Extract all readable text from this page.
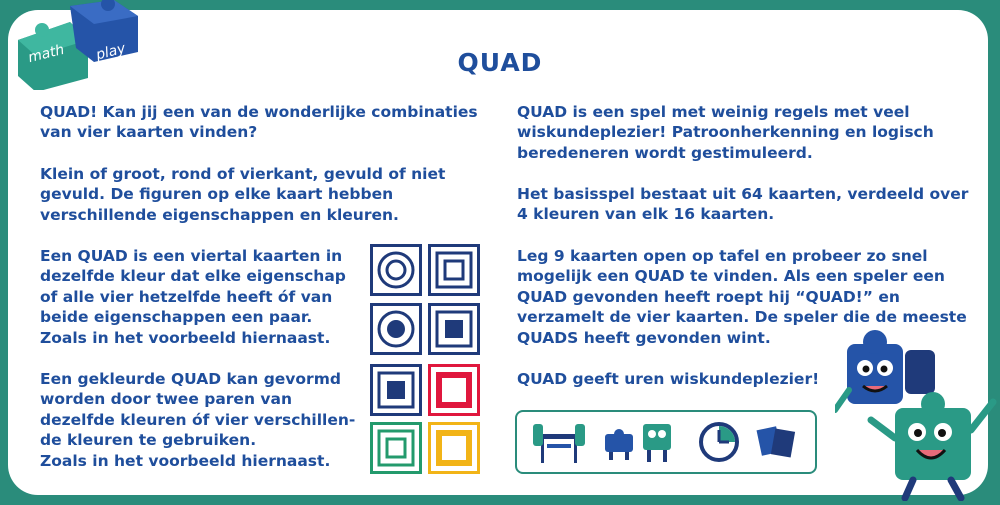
math play	QUAD

QUAD! Kan jij een van de wonderlijke combinaties
van vier kaarten vinden?

Klein of groot, rond of vierkant, gevuld of niet
gevuld. De figuren op elke kaart hebben
verschillende eigenschappen en kleuren.

Een QUAD is een viertal kaarten in
dezelfde kleur dat elke eigenschap
of alle vier hetzelfde heeft óf van
beide eigenschappen een paar.
Zoals in het voorbeeld hiernaast.

Een gekleurde QUAD kan gevormd
worden door twee paren van
dezelfde kleuren óf vier verschillen-
de kleuren te gebruiken.
Zoals in het voorbeeld hiernaast.

QUAD is een spel met weinig regels met veel
wiskundeplezier! Patroonherkenning en logisch
beredeneren wordt gestimuleerd.

Het basisspel bestaat uit 64 kaarten, verdeeld over
4 kleuren van elk 16 kaarten.

Leg 9 kaarten open op tafel en probeer zo snel
mogelijk een QUAD te vinden. Als een speler een
QUAD gevonden heeft roept hij “QUAD!” en
verzamelt de vier kaarten. De speler die de meeste
QUADS heeft gevonden wint.

QUAD geeft uren wiskundeplezier!
